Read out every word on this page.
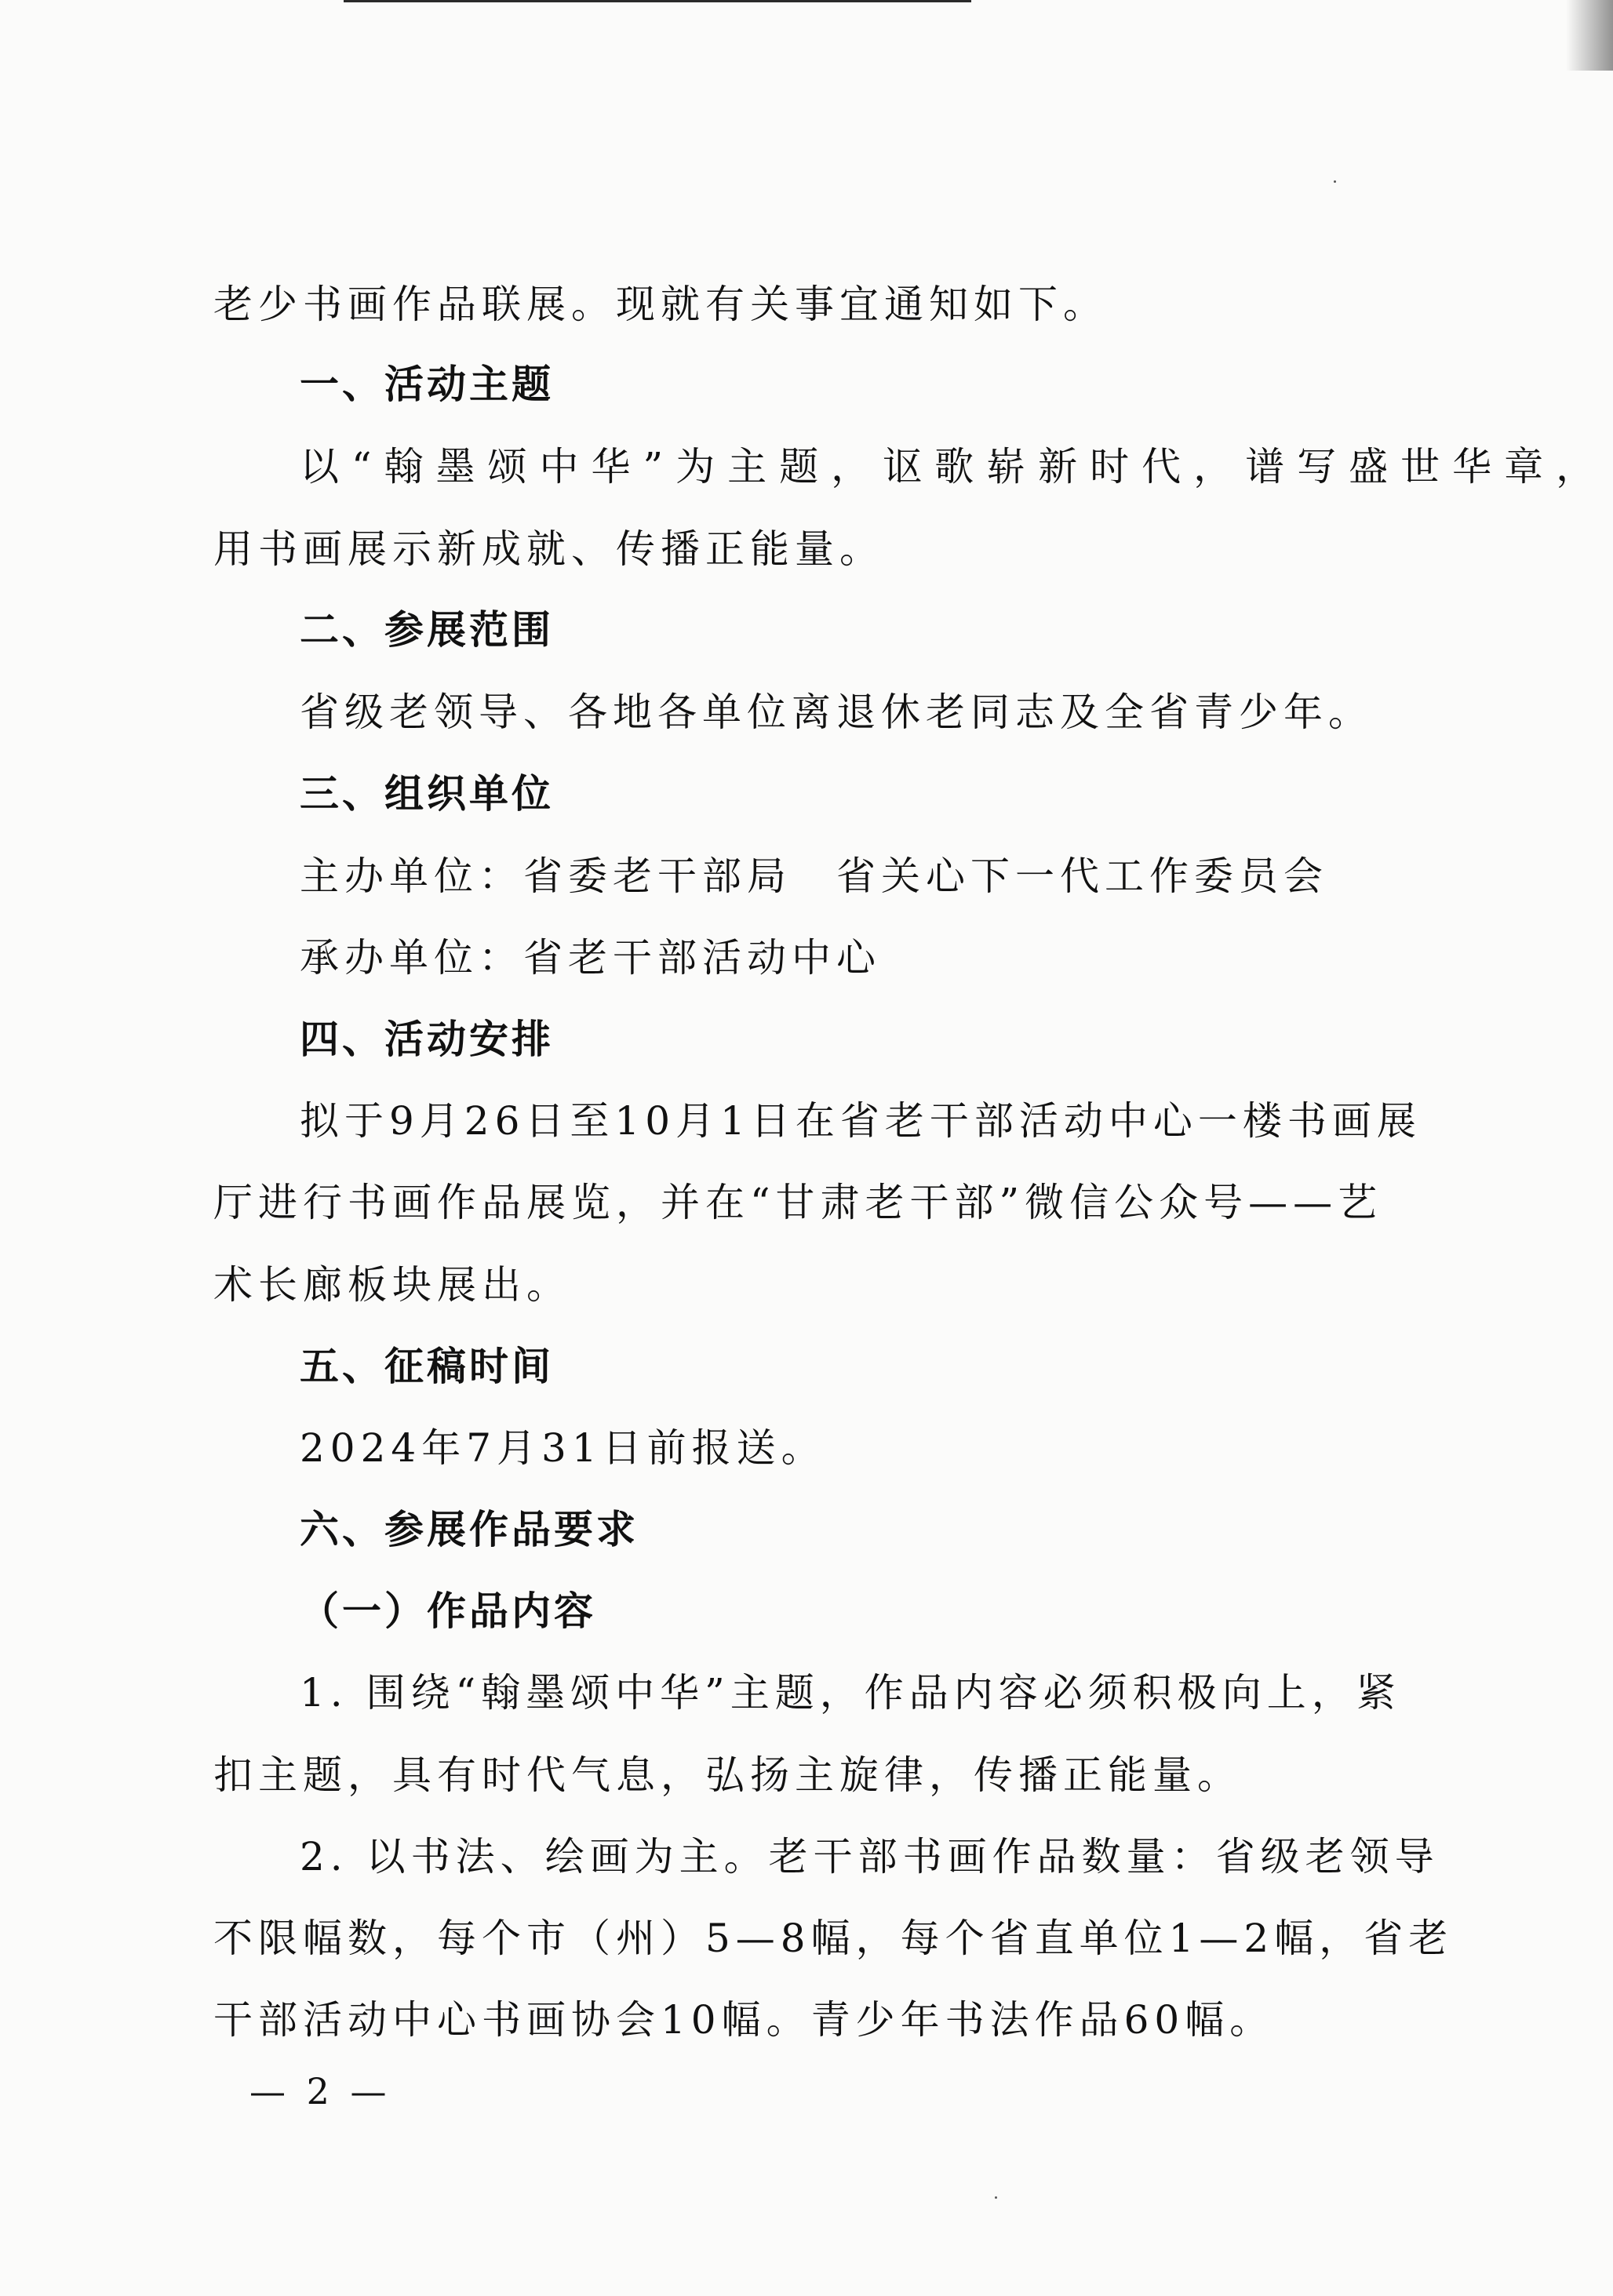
老少书画作品联展。现就有关事宜通知如下。
一、活动主题
以“翰墨颂中华”为主题，讴歌崭新时代，谱写盛世华章，
用书画展示新成就、传播正能量。
二、参展范围
省级老领导、各地各单位离退休老同志及全省青少年。
三、组织单位
主办单位：省委老干部局　省关心下一代工作委员会
承办单位：省老干部活动中心
四、活动安排
拟于9月26日至10月1日在省老干部活动中心一楼书画展
厅进行书画作品展览，并在“甘肃老干部”微信公众号——艺
术长廊板块展出。
五、征稿时间
2024年7月31日前报送。
六、参展作品要求
（一）作品内容
1. 围绕“翰墨颂中华”主题，作品内容必须积极向上，紧
扣主题，具有时代气息，弘扬主旋律，传播正能量。
2. 以书法、绘画为主。老干部书画作品数量：省级老领导
不限幅数，每个市（州）5—8幅，每个省直单位1—2幅，省老
干部活动中心书画协会10幅。青少年书法作品60幅。
— 2 —
